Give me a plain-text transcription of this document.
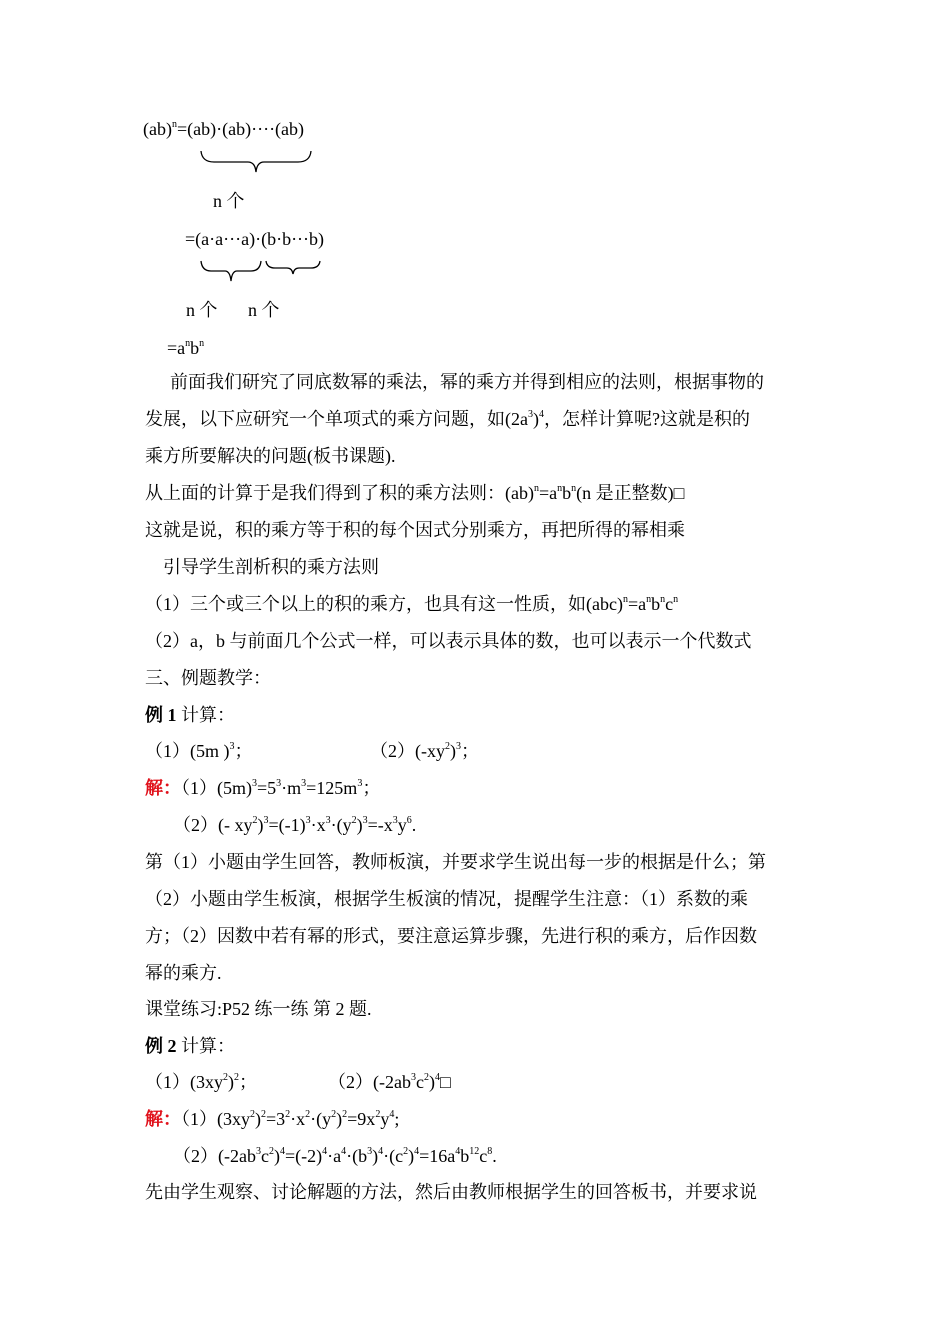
(ab)$^n$=(ab)·(ab)····(ab)
n 个
=(a·a···a)·(b·b···b)
n 个 n 个
$=a^nb^n$
前面我们研究了同底数幂的乘法，幂的乘方并得到相应的法则，根据事物的
发展，以下应研究一个单项式的乘方问题，如$(2a^3)^4$，怎样计算呢?这就是积的
乘方所要解决的问题(板书课题).
从上面的计算于是我们得到了积的乘方法则：$(ab)^n=a^nb^n(n$ 是正整数)□
这就是说，积的乘方等于积的每个因式分别乘方，再把所得的幂相乘
引导学生剖析积的乘方法则
（1）三个或三个以上的积的乘方，也具有这一性质，如$(abc)^n=a^nb^nc^n$
（2）a，b 与前面几个公式一样，可以表示具体的数，也可以表示一个代数式
三、例题教学：
例 1 计算：
（1）(5m )$^3$；	$(2)(-xy^2)^3$；
解：$(1)(5m)^3=5^3\cdot m^3=125m^3$；
（2）(- $xy^2)^3=(-1)^3\cdot x^3\cdot(y^2)^3=-x^3y^6$.
第（1）小题由学生回答，教师板演，并要求学生说出每一步的根据是什么；第
（2）小题由学生板演，根据学生板演的情况，提醒学生注意：（1）系数的乘
方；（2）因数中若有幂的形式，要注意运算步骤，先进行积的乘方，后作因数
幂的乘方.
课堂练习:P52 练一练 第 2 题.
例 2 计算：
$(1)(3xy^2)^2$；	$(2)(-2ab^3c^2)^4□$
解：$(1)(3xy^2)^2=3^2\cdot x^2\cdot(y^2)^2=9x^2y^4$;
$(2)(-2ab^3c^2)^4=(-2)^4\cdot a^4\cdot(b^3)^4\cdot(c^2)^4=16a^4b^{12}c^8$.
先由学生观察、讨论解题的方法，然后由教师根据学生的回答板书，并要求说
